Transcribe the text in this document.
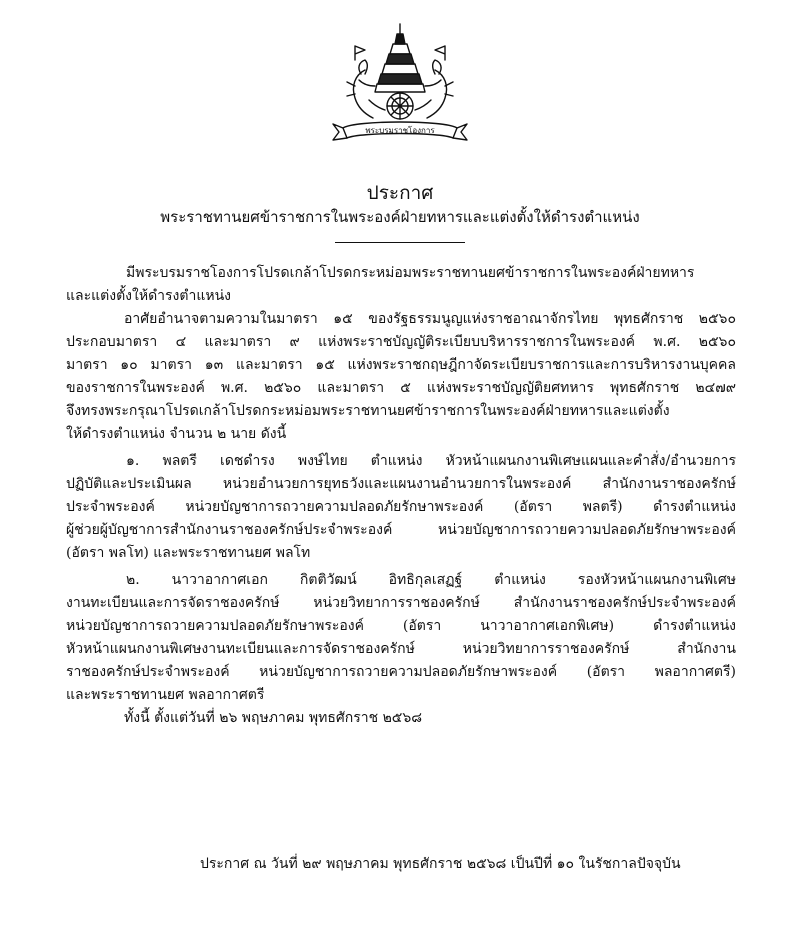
พระบรมราชโองการ
ประกาศ
พระราชทานยศข้าราชการในพระองค์ฝ่ายทหารและแต่งตั้งให้ดำรงตำแหน่ง
มีพระบรมราชโองการโปรดเกล้าโปรดกระหม่อมพระราชทานยศข้าราชการในพระองค์ฝ่ายทหาร
และแต่งตั้งให้ดำรงตำแหน่ง
อาศัยอำนาจตามความในมาตรา ๑๕ ของรัฐธรรมนูญแห่งราชอาณาจักรไทย พุทธศักราช ๒๕๖๐
ประกอบมาตรา ๔ และมาตรา ๙ แห่งพระราชบัญญัติระเบียบบริหารราชการในพระองค์ พ.ศ. ๒๕๖๐
มาตรา ๑๐ มาตรา ๑๓ และมาตรา ๑๕ แห่งพระราชกฤษฎีกาจัดระเบียบราชการและการบริหารงานบุคคล
ของราชการในพระองค์ พ.ศ. ๒๕๖๐ และมาตรา ๕ แห่งพระราชบัญญัติยศทหาร พุทธศักราช ๒๔๗๙
จึงทรงพระกรุณาโปรดเกล้าโปรดกระหม่อมพระราชทานยศข้าราชการในพระองค์ฝ่ายทหารและแต่งตั้ง
ให้ดำรงตำแหน่ง จำนวน ๒ นาย ดังนี้
๑. พลตรี เดชดำรง พงษ์ไทย ตำแหน่ง หัวหน้าแผนกงานพิเศษแผนและคำสั่ง/อำนวยการ
ปฏิบัติและประเมินผล หน่วยอำนวยการยุทธวังและแผนงานอำนวยการในพระองค์ สำนักงานราชองครักษ์
ประจำพระองค์ หน่วยบัญชาการถวายความปลอดภัยรักษาพระองค์ (อัตรา พลตรี) ดำรงตำแหน่ง
ผู้ช่วยผู้บัญชาการสำนักงานราชองครักษ์ประจำพระองค์ หน่วยบัญชาการถวายความปลอดภัยรักษาพระองค์
(อัตรา พลโท) และพระราชทานยศ พลโท
๒. นาวาอากาศเอก กิตติวัฒน์ อิทธิกุลเสฏฐ์ ตำแหน่ง รองหัวหน้าแผนกงานพิเศษ
งานทะเบียนและการจัดราชองครักษ์ หน่วยวิทยาการราชองครักษ์ สำนักงานราชองครักษ์ประจำพระองค์
หน่วยบัญชาการถวายความปลอดภัยรักษาพระองค์ (อัตรา นาวาอากาศเอกพิเศษ) ดำรงตำแหน่ง
หัวหน้าแผนกงานพิเศษงานทะเบียนและการจัดราชองครักษ์ หน่วยวิทยาการราชองครักษ์ สำนักงาน
ราชองครักษ์ประจำพระองค์ หน่วยบัญชาการถวายความปลอดภัยรักษาพระองค์ (อัตรา พลอากาศตรี)
และพระราชทานยศ พลอากาศตรี
ทั้งนี้ ตั้งแต่วันที่ ๒๖ พฤษภาคม พุทธศักราช ๒๕๖๘
ประกาศ ณ วันที่ ๒๙ พฤษภาคม พุทธศักราช ๒๕๖๘ เป็นปีที่ ๑๐ ในรัชกาลปัจจุบัน
